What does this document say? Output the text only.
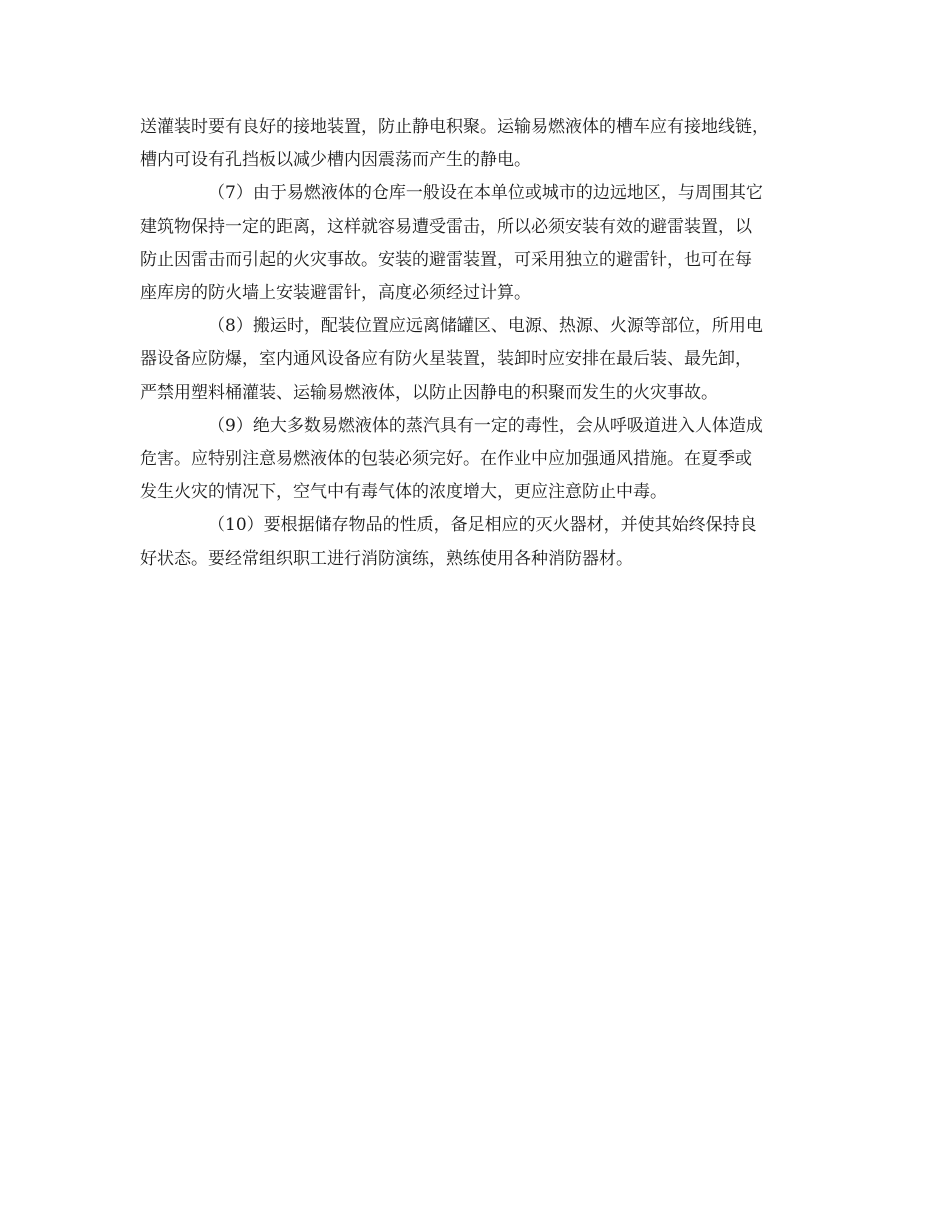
送灌装时要有良好的接地装置，防止静电积聚。运输易燃液体的槽车应有接地线链，
槽内可设有孔挡板以减少槽内因震荡而产生的静电。

（7）由于易燃液体的仓库一般设在本单位或城市的边远地区，与周围其它

建筑物保持一定的距离，这样就容易遭受雷击，所以必须安装有效的避雷装置，以
防止因雷击而引起的火灾事故。安装的避雷装置，可采用独立的避雷针，也可在每
座库房的防火墙上安装避雷针，高度必须经过计算。

（8）搬运时，配装位置应远离储罐区、电源、热源、火源等部位，所用电

器设备应防爆，室内通风设备应有防火星装置，装卸时应安排在最后装、最先卸，
严禁用塑料桶灌装、运输易燃液体，以防止因静电的积聚而发生的火灾事故。

（9）绝大多数易燃液体的蒸汽具有一定的毒性，会从呼吸道进入人体造成

危害。应特别注意易燃液体的包装必须完好。在作业中应加强通风措施。在夏季或
发生火灾的情况下，空气中有毒气体的浓度增大，更应注意防止中毒。

（10）要根据储存物品的性质，备足相应的灭火器材，并使其始终保持良

好状态。要经常组织职工进行消防演练，熟练使用各种消防器材。
